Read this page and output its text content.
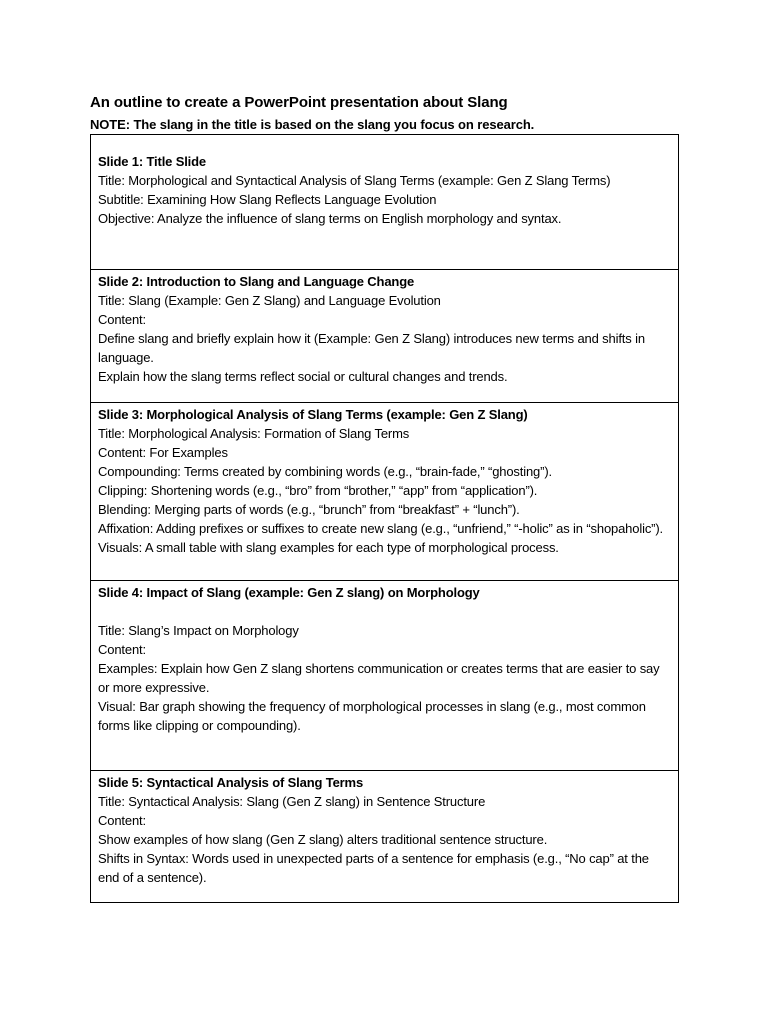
An outline to create a PowerPoint presentation about Slang
NOTE: The slang in the title is based on the slang you focus on research.
Slide 1: Title Slide
Title: Morphological and Syntactical Analysis of Slang Terms (example: Gen Z Slang Terms)
Subtitle: Examining How Slang Reflects Language Evolution
Objective: Analyze the influence of slang terms on English morphology and syntax.
Slide 2: Introduction to Slang and Language Change
Title: Slang (Example: Gen Z Slang) and Language Evolution
Content:
Define slang and briefly explain how it (Example: Gen Z Slang) introduces new terms and shifts in language.
Explain how the slang terms reflect social or cultural changes and trends.
Slide 3: Morphological Analysis of Slang Terms (example: Gen Z Slang)
Title: Morphological Analysis: Formation of Slang Terms
Content: For Examples
Compounding: Terms created by combining words (e.g., “brain-fade,” “ghosting”).
Clipping: Shortening words (e.g., “bro” from “brother,” “app” from “application”).
Blending: Merging parts of words (e.g., “brunch” from “breakfast” + “lunch”).
Affixation: Adding prefixes or suffixes to create new slang (e.g., “unfriend,” “-holic” as in “shopaholic”).
Visuals: A small table with slang examples for each type of morphological process.
Slide 4: Impact of Slang (example: Gen Z slang) on Morphology
Title: Slang’s Impact on Morphology
Content:
Examples: Explain how Gen Z slang shortens communication or creates terms that are easier to say or more expressive.
Visual: Bar graph showing the frequency of morphological processes in slang (e.g., most common forms like clipping or compounding).
Slide 5: Syntactical Analysis of Slang Terms
Title: Syntactical Analysis: Slang (Gen Z slang) in Sentence Structure
Content:
Show examples of how slang (Gen Z slang) alters traditional sentence structure.
Shifts in Syntax: Words used in unexpected parts of a sentence for emphasis (e.g., “No cap” at the end of a sentence).
